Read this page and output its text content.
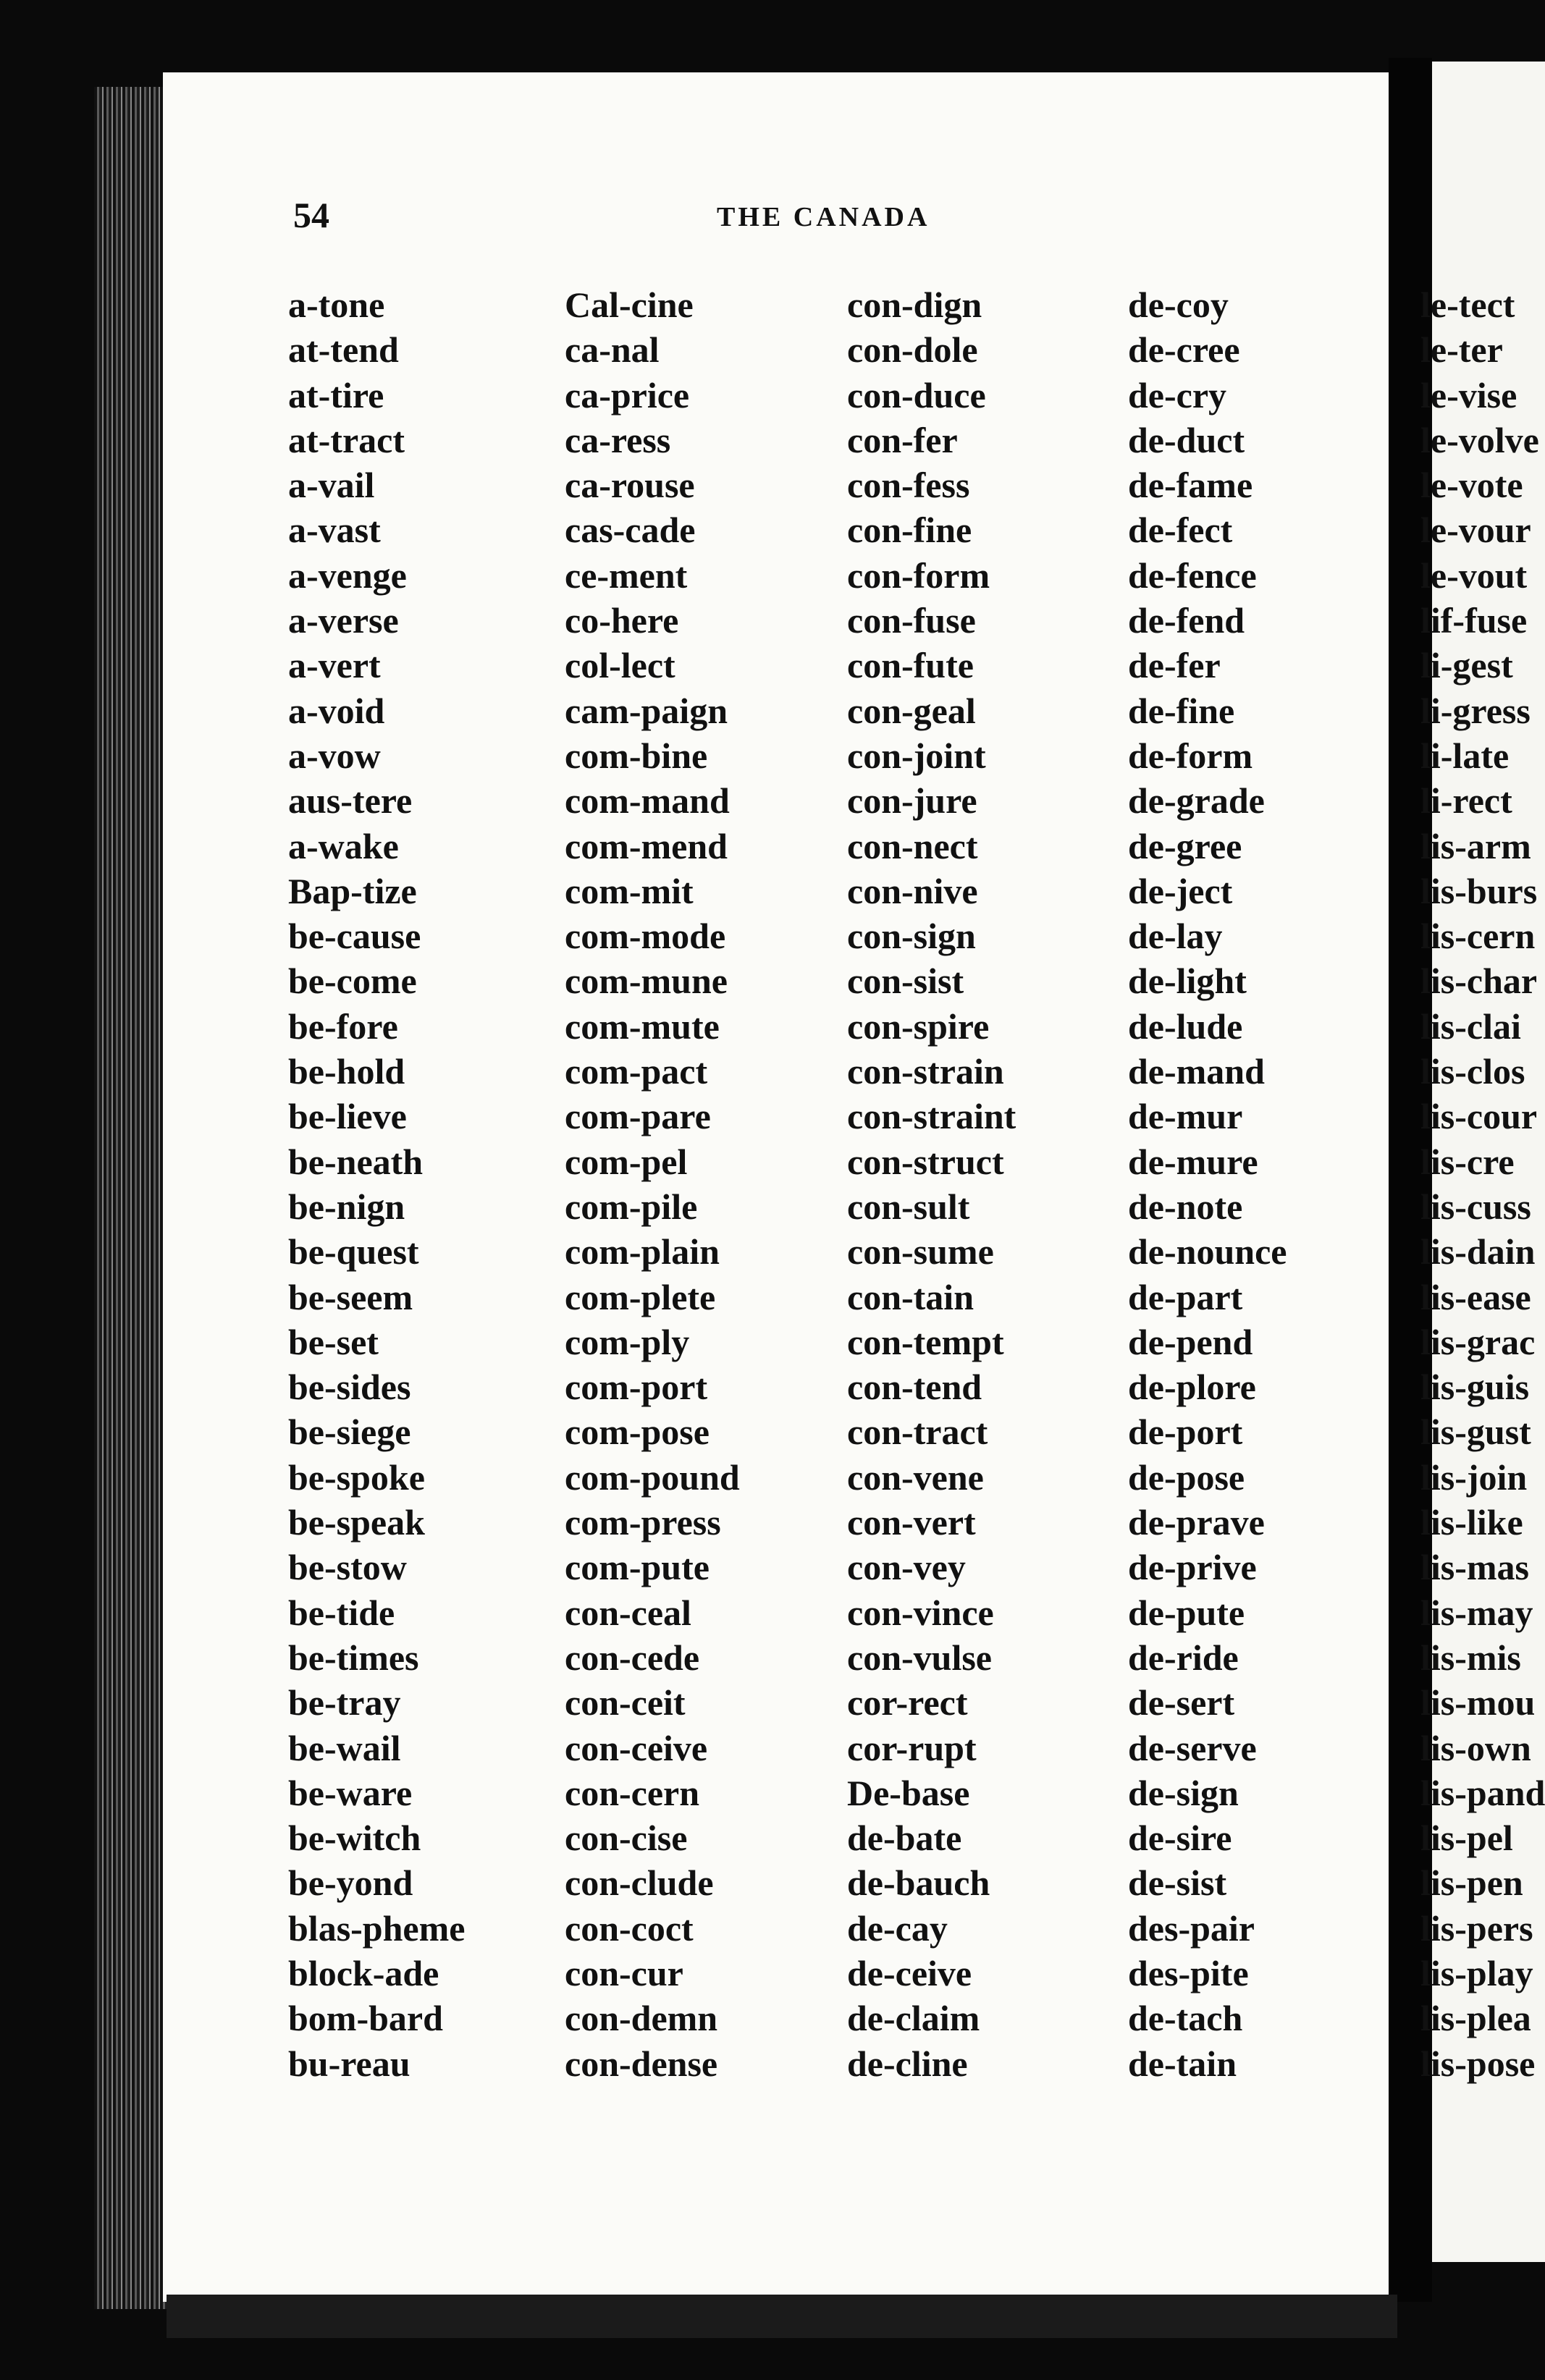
54	THE CANADA
a-tone
at-tend
at-tire
at-tract
a-vail
a-vast
a-venge
a-verse
a-vert
a-void
a-vow
aus-tere
a-wake
Bap-tize
be-cause
be-come
be-fore
be-hold
be-lieve
be-neath
be-nign
be-quest
be-seem
be-set
be-sides
be-siege
be-spoke
be-speak
be-stow
be-tide
be-times
be-tray
be-wail
be-ware
be-witch
be-yond
blas-pheme
block-ade
bom-bard
bu-reau
Cal-cine
ca-nal
ca-price
ca-ress
ca-rouse
cas-cade
ce-ment
co-here
col-lect
cam-paign
com-bine
com-mand
com-mend
com-mit
com-mode
com-mune
com-mute
com-pact
com-pare
com-pel
com-pile
com-plain
com-plete
com-ply
com-port
com-pose
com-pound
com-press
com-pute
con-ceal
con-cede
con-ceit
con-ceive
con-cern
con-cise
con-clude
con-coct
con-cur
con-demn
con-dense
con-dign
con-dole
con-duce
con-fer
con-fess
con-fine
con-form
con-fuse
con-fute
con-geal
con-joint
con-jure
con-nect
con-nive
con-sign
con-sist
con-spire
con-strain
con-straint
con-struct
con-sult
con-sume
con-tain
con-tempt
con-tend
con-tract
con-vene
con-vert
con-vey
con-vince
con-vulse
cor-rect
cor-rupt
De-base
de-bate
de-bauch
de-cay
de-ceive
de-claim
de-cline
de-coy
de-cree
de-cry
de-duct
de-fame
de-fect
de-fence
de-fend
de-fer
de-fine
de-form
de-grade
de-gree
de-ject
de-lay
de-light
de-lude
de-mand
de-mur
de-mure
de-note
de-nounce
de-part
de-pend
de-plore
de-port
de-pose
de-prave
de-prive
de-pute
de-ride
de-sert
de-serve
de-sign
de-sire
de-sist
des-pair
des-pite
de-tach
de-tain
le-tect
le-ter
le-vise
le-volve
le-vote
le-vour
le-vout
lif-fuse
li-gest
li-gress
li-late
li-rect
lis-arm
lis-burs
lis-cern
lis-char
lis-clai
lis-clos
lis-cour
lis-cre
lis-cuss
lis-dain
lis-ease
lis-grac
lis-guis
lis-gust
lis-join
lis-like
lis-mas
lis-may
lis-mis
lis-mou
lis-own
lis-pand
lis-pel
lis-pen
lis-pers
lis-play
lis-plea
lis-pose
